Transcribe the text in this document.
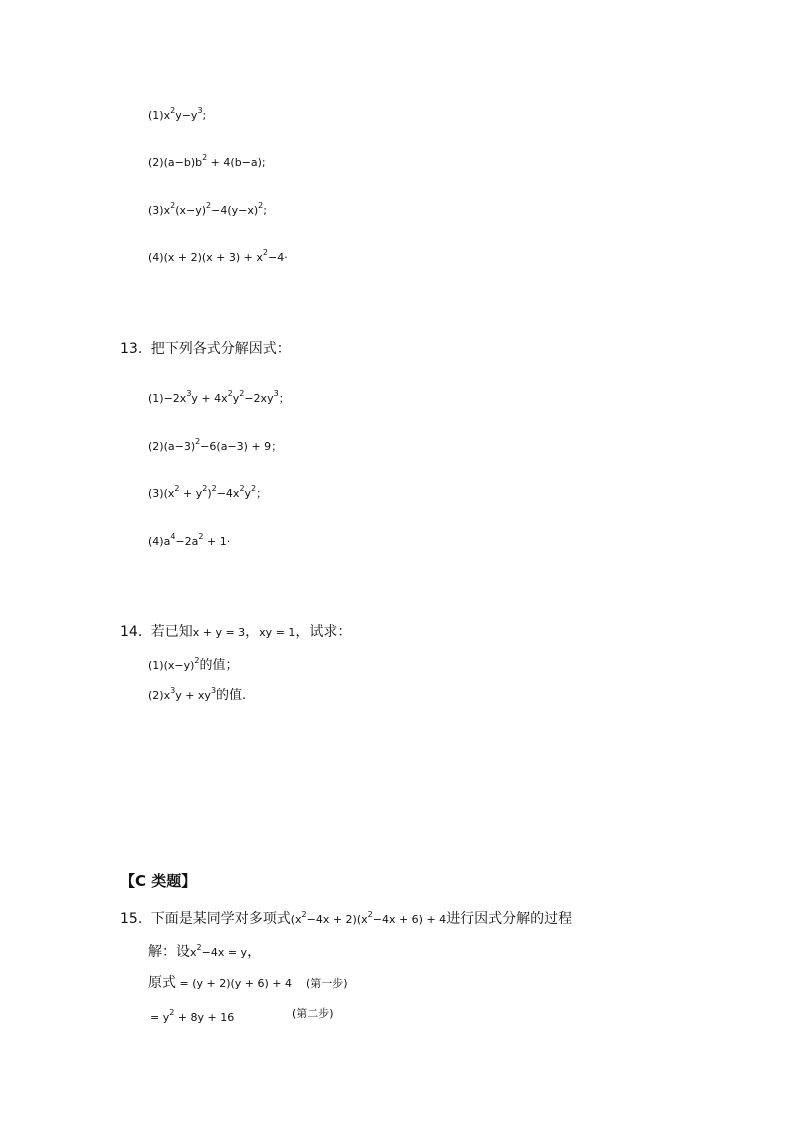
$(1)x^2y-y^3$;
$(2)(a-b)b^2 + 4(b-a)$;
$(3)x^2(x-y)^2-4(y-x)^2$;
$(4)(x + 2)(x + 3) + x^2-4\cdot$
13. 把下列各式分解因式：
$(1)-2x^3y + 4x^2y^2-2xy^3$；
$(2)(a-3)^2-6(a-3) + 9$；
$(3)(x^2 + y^2)^2-4x^2y^2$；
$(4)a^4-2a^2 + 1\cdot$
14. 若已知x + y = 3，xy = 1，试求：
$(1)(x-y)^2$的值；
$(2)x^3y + xy^3$的值.
【C 类题】
15. 下面是某同学对多项式$(x^2-4x + 2)(x^2-4x + 6) + 4$进行因式分解的过程
解：设$x^2-4x = y$，
原式 = (y + 2)(y + 6) + 4 (第一步)
= $y^2 + 8y + 16$	(第二步)
